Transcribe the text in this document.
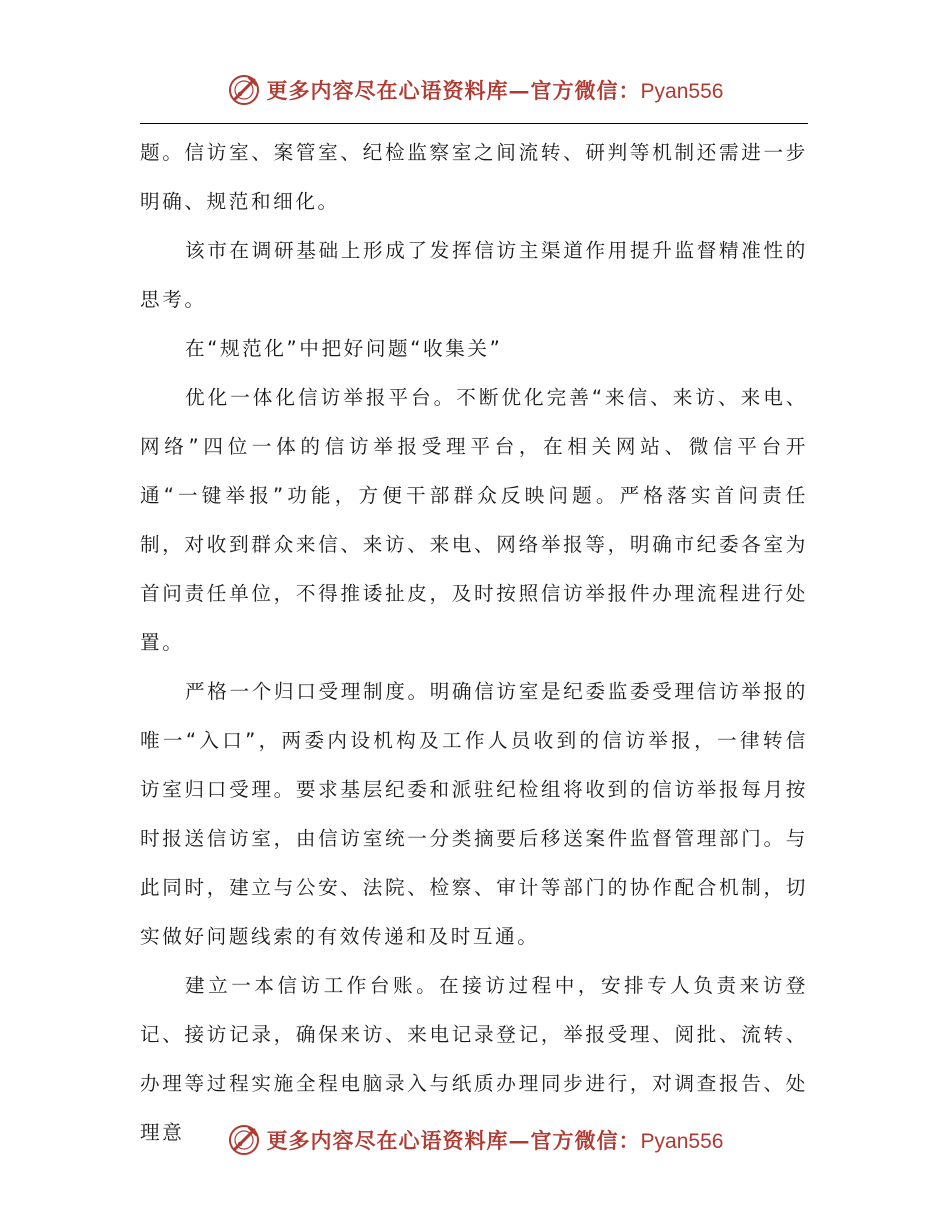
更多内容尽在心语资料库—官方微信：Pyan556

题。信访室、案管室、纪检监察室之间流转、研判等机制还需进一步明确、规范和细化。

该市在调研基础上形成了发挥信访主渠道作用提升监督精准性的思考。

在“规范化”中把好问题“收集关”

优化一体化信访举报平台。不断优化完善“来信、来访、来电、网络”四位一体的信访举报受理平台，在相关网站、微信平台开通“一键举报”功能，方便干部群众反映问题。严格落实首问责任制，对收到群众来信、来访、来电、网络举报等，明确市纪委各室为首问责任单位，不得推诿扯皮，及时按照信访举报件办理流程进行处置。

严格一个归口受理制度。明确信访室是纪委监委受理信访举报的唯一“入口”，两委内设机构及工作人员收到的信访举报，一律转信访室归口受理。要求基层纪委和派驻纪检组将收到的信访举报每月按时报送信访室，由信访室统一分类摘要后移送案件监督管理部门。与此同时，建立与公安、法院、检察、审计等部门的协作配合机制，切实做好问题线索的有效传递和及时互通。

建立一本信访工作台账。在接访过程中，安排专人负责来访登记、接访记录，确保来访、来电记录登记，举报受理、阅批、流转、办理等过程实施全程电脑录入与纸质办理同步进行，对调查报告、处理意	更多内容尽在心语资料库—官方微信：Pyan556
